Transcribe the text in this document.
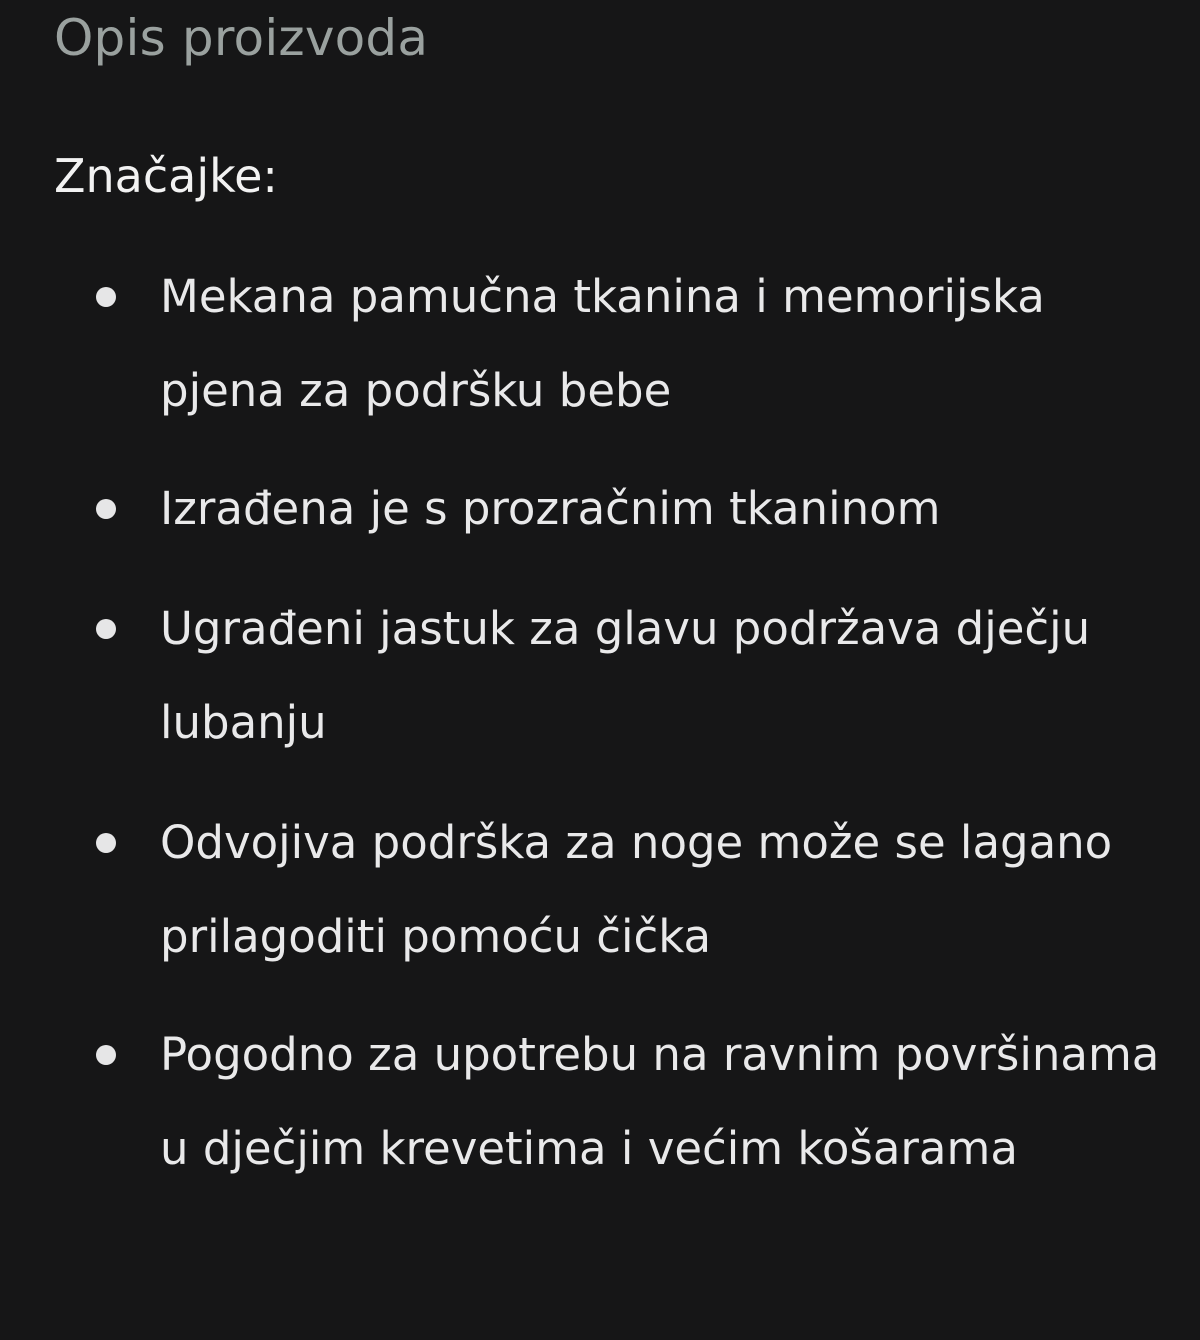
Opis proizvoda
Značajke:
Mekana pamučna tkanina i memorijska pjena za podršku bebe
Izrađena je s prozračnim tkaninom
Ugrađeni jastuk za glavu podržava dječju lubanju
Odvojiva podrška za noge može se lagano prilagoditi pomoću čička
Pogodno za upotrebu na ravnim površinama u dječjim krevetima i većim košarama
